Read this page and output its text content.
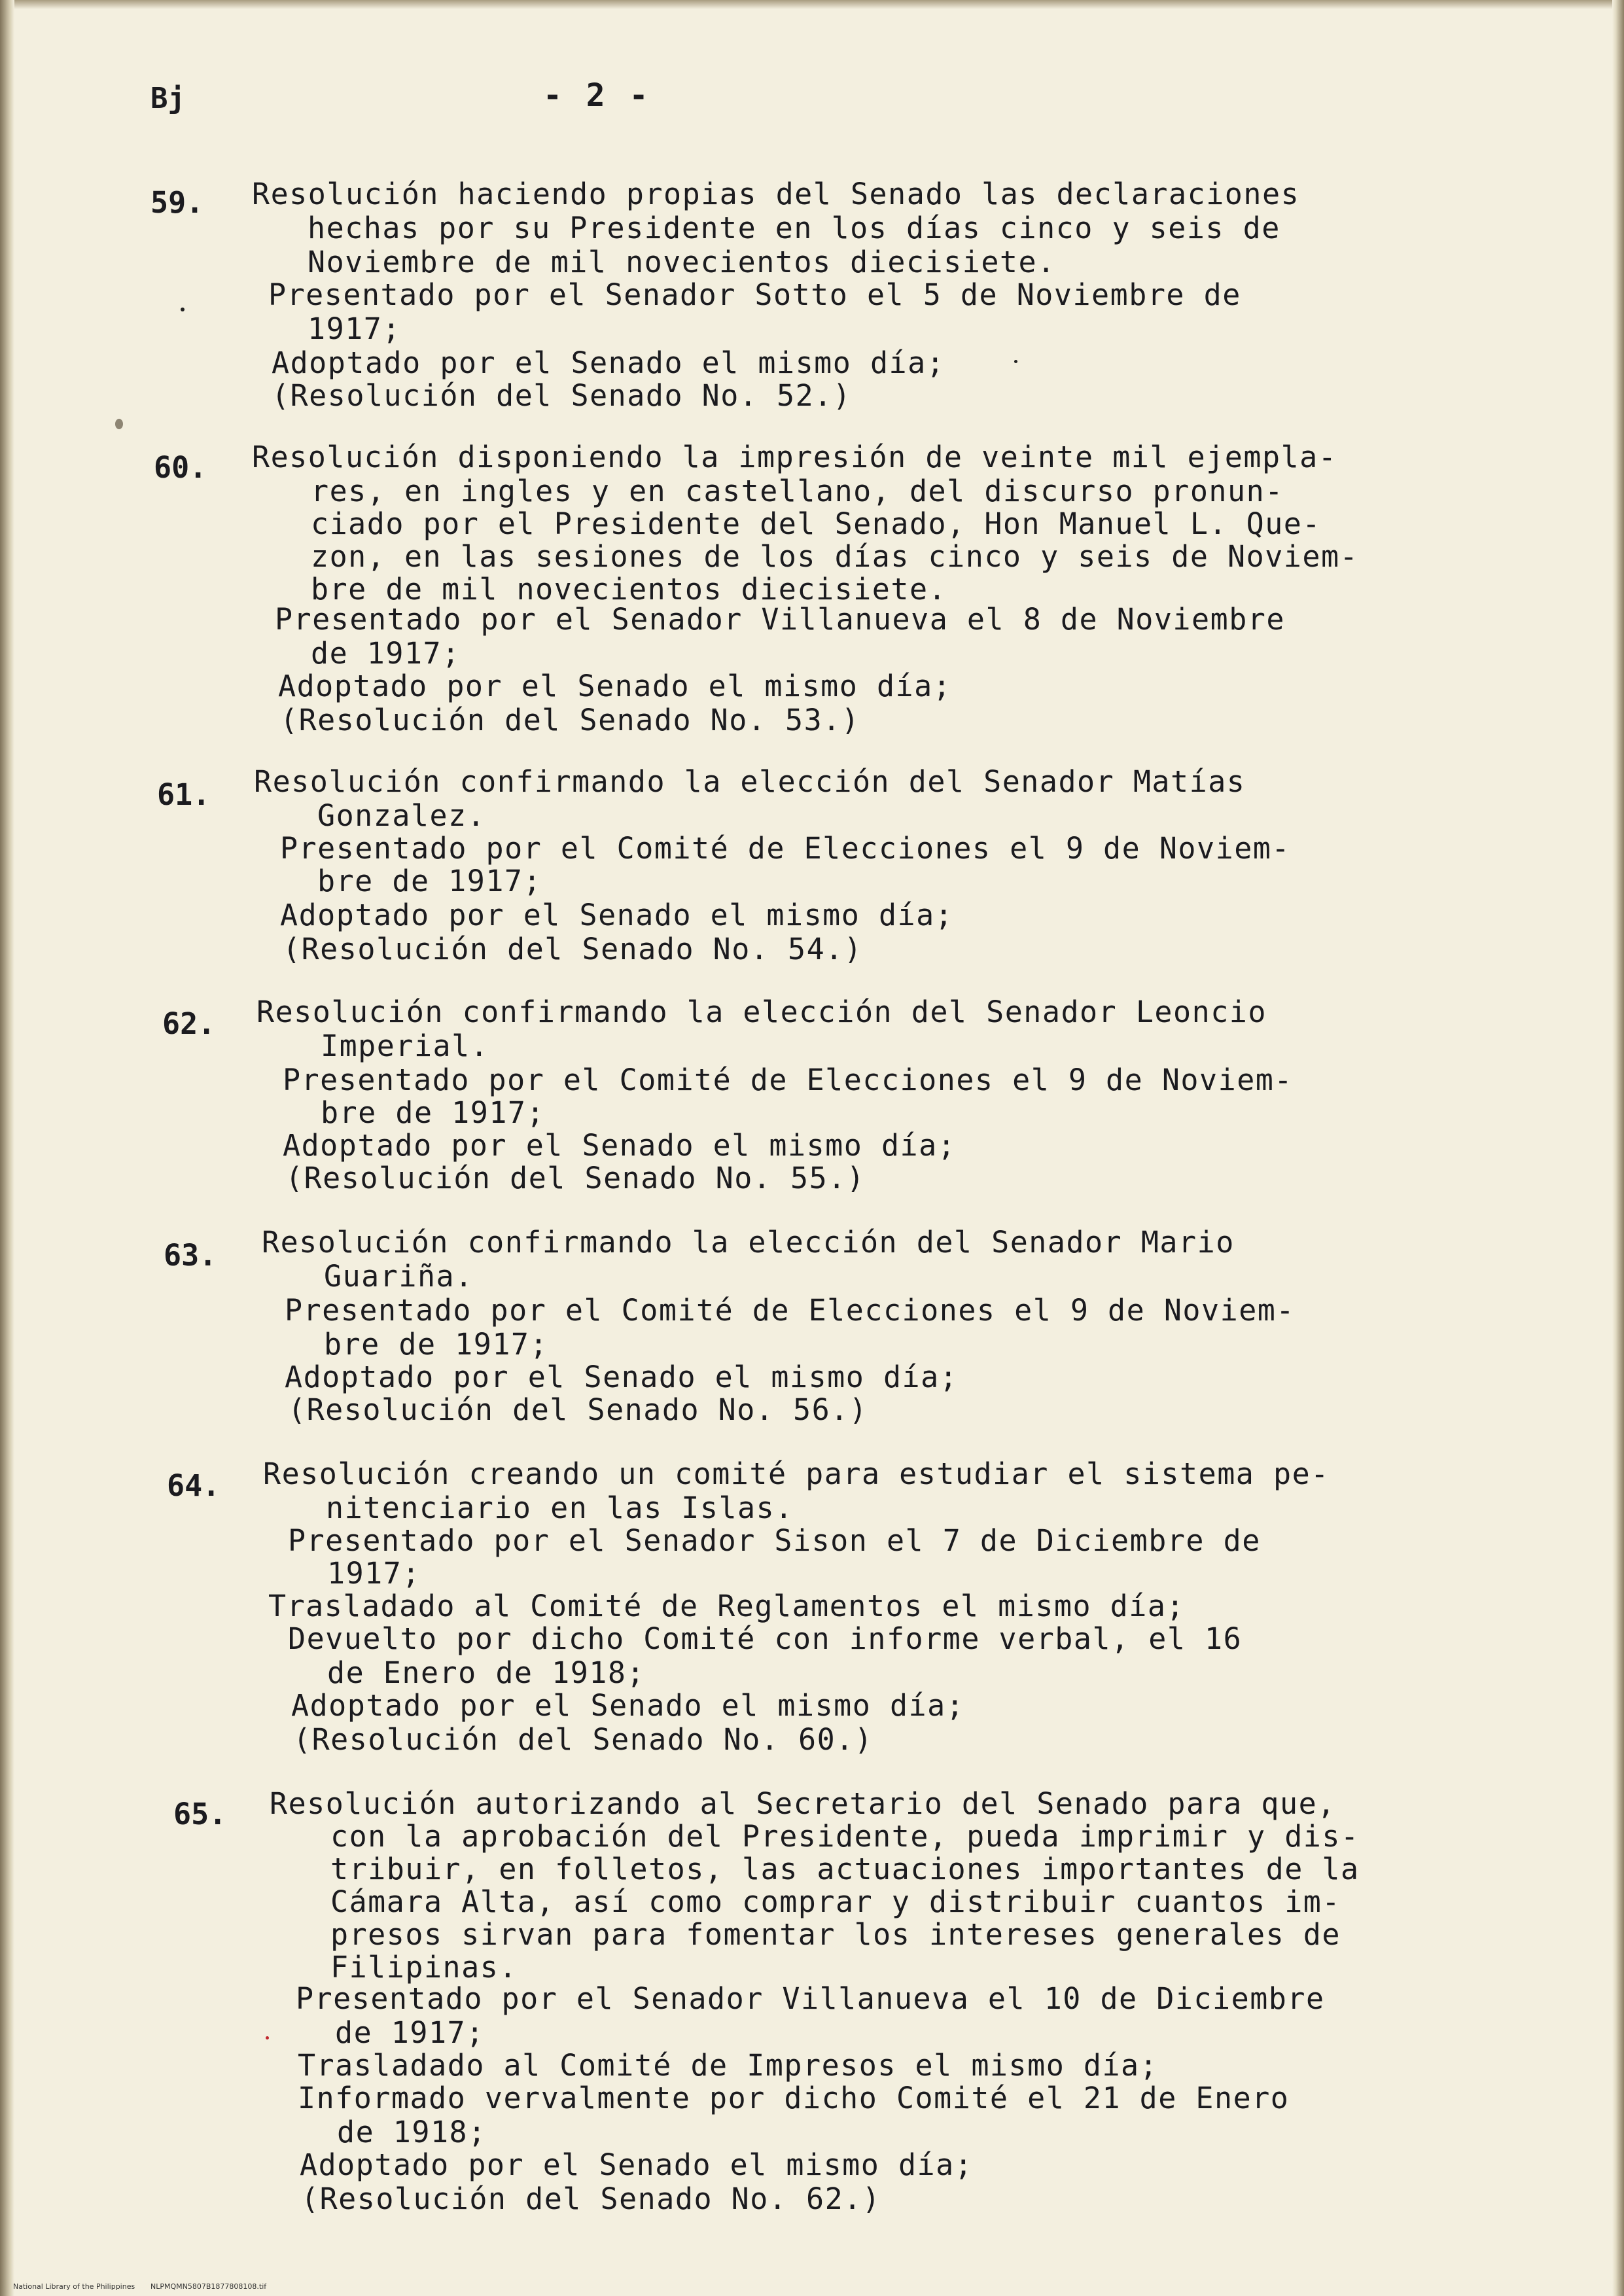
Bj	- 2 -
59. Resolución haciendo propias del Senado las declaraciones
hechas por su Presidente en los días cinco y seis de
Noviembre de mil novecientos diecisiete.
Presentado por el Senador Sotto el 5 de Noviembre de
1917;
Adoptado por el Senado el mismo día;
(Resolución del Senado No. 52.)
60. Resolución disponiendo la impresión de veinte mil ejempla-
res, en ingles y en castellano, del discurso pronun-
ciado por el Presidente del Senado, Hon Manuel L. Que-
zon, en las sesiones de los días cinco y seis de Noviem-
bre de mil novecientos diecisiete.
Presentado por el Senador Villanueva el 8 de Noviembre
de 1917;
Adoptado por el Senado el mismo día;
(Resolución del Senado No. 53.)
61. Resolución confirmando la elección del Senador Matías
Gonzalez.
Presentado por el Comité de Elecciones el 9 de Noviem-
bre de 1917;
Adoptado por el Senado el mismo día;
(Resolución del Senado No. 54.)
62. Resolución confirmando la elección del Senador Leoncio
Imperial.
Presentado por el Comité de Elecciones el 9 de Noviem-
bre de 1917;
Adoptado por el Senado el mismo día;
(Resolución del Senado No. 55.)
63. Resolución confirmando la elección del Senador Mario
Guariña.
Presentado por el Comité de Elecciones el 9 de Noviem-
bre de 1917;
Adoptado por el Senado el mismo día;
(Resolución del Senado No. 56.)
64. Resolución creando un comité para estudiar el sistema pe-
nitenciario en las Islas.
Presentado por el Senador Sison el 7 de Diciembre de
1917;
Trasladado al Comité de Reglamentos el mismo día;
Devuelto por dicho Comité con informe verbal, el 16
de Enero de 1918;
Adoptado por el Senado el mismo día;
(Resolución del Senado No. 60.)
65. Resolución autorizando al Secretario del Senado para que,
con la aprobación del Presidente, pueda imprimir y dis-
tribuir, en folletos, las actuaciones importantes de la
Cámara Alta, así como comprar y distribuir cuantos im-
presos sirvan para fomentar los intereses generales de
Filipinas.
Presentado por el Senador Villanueva el 10 de Diciembre
de 1917;
Trasladado al Comité de Impresos el mismo día;
Informado vervalmente por dicho Comité el 21 de Enero
de 1918;
Adoptado por el Senado el mismo día;
(Resolución del Senado No. 62.)
National Library of the Philippines NLPMQMN5807B1877808108.tif
